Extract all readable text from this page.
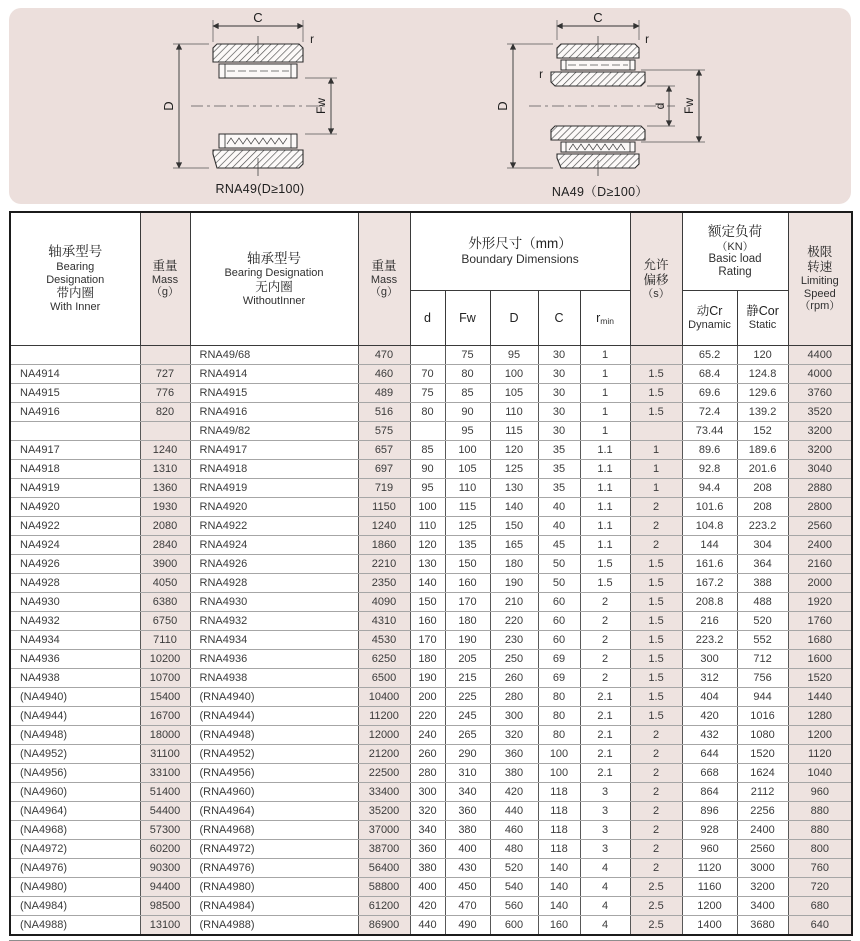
C
r
D	Fw
RNA49(D≥100)
C
r
r
D	d Fw
NA49（D≥100）
轴承型号
Bearing
Designation
带内圈
With Inner

重量
Mass
（g）

轴承型号
Bearing Designation
无内圈
WithoutInner

重量
Mass
（g）

外形尺寸（mm）
Boundary Dimensions	允许
偏移
（s）

额定负荷
（KN）
Basic load
Rating

极限
转速
Limiting
Speed
（rpm）

d	Fw	D	C	$r_{min}$	
动Cr
Dynamic

静Cor
Static

		RNA49/68	470		75	95	30	1		65.2	120	4400
NA4914	727	RNA4914	460	70	80	100	30	1	1.5	68.4	124.8	4000
NA4915	776	RNA4915	489	75	85	105	30	1	1.5	69.6	129.6	3760
NA4916	820	RNA4916	516	80	90	110	30	1	1.5	72.4	139.2	3520
		RNA49/82	575		95	115	30	1		73.44	152	3200
NA4917	1240	RNA4917	657	85	100	120	35	1.1	1	89.6	189.6	3200
NA4918	1310	RNA4918	697	90	105	125	35	1.1	1	92.8	201.6	3040
NA4919	1360	RNA4919	719	95	110	130	35	1.1	1	94.4	208	2880
NA4920	1930	RNA4920	1150	100	115	140	40	1.1	2	101.6	208	2800
NA4922	2080	RNA4922	1240	110	125	150	40	1.1	2	104.8	223.2	2560
NA4924	2840	RNA4924	1860	120	135	165	45	1.1	2	144	304	2400
NA4926	3900	RNA4926	2210	130	150	180	50	1.5	1.5	161.6	364	2160
NA4928	4050	RNA4928	2350	140	160	190	50	1.5	1.5	167.2	388	2000
NA4930	6380	RNA4930	4090	150	170	210	60	2	1.5	208.8	488	1920
NA4932	6750	RNA4932	4310	160	180	220	60	2	1.5	216	520	1760
NA4934	7110	RNA4934	4530	170	190	230	60	2	1.5	223.2	552	1680
NA4936	10200	RNA4936	6250	180	205	250	69	2	1.5	300	712	1600
NA4938	10700	RNA4938	6500	190	215	260	69	2	1.5	312	756	1520
(NA4940)	15400	(RNA4940)	10400	200	225	280	80	2.1	1.5	404	944	1440
(NA4944)	16700	(RNA4944)	11200	220	245	300	80	2.1	1.5	420	1016	1280
(NA4948)	18000	(RNA4948)	12000	240	265	320	80	2.1	2	432	1080	1200
(NA4952)	31100	(RNA4952)	21200	260	290	360	100	2.1	2	644	1520	1120
(NA4956)	33100	(RNA4956)	22500	280	310	380	100	2.1	2	668	1624	1040
(NA4960)	51400	(RNA4960)	33400	300	340	420	118	3	2	864	2112	960
(NA4964)	54400	(RNA4964)	35200	320	360	440	118	3	2	896	2256	880
(NA4968)	57300	(RNA4968)	37000	340	380	460	118	3	2	928	2400	880
(NA4972)	60200	(RNA4972)	38700	360	400	480	118	3	2	960	2560	800
(NA4976)	90300	(RNA4976)	56400	380	430	520	140	4	2	1120	3000	760
(NA4980)	94400	(RNA4980)	58800	400	450	540	140	4	2.5	1160	3200	720
(NA4984)	98500	(RNA4984)	61200	420	470	560	140	4	2.5	1200	3400	680
(NA4988)	13100	(RNA4988)	86900	440	490	600	160	4	2.5	1400	3680	640
